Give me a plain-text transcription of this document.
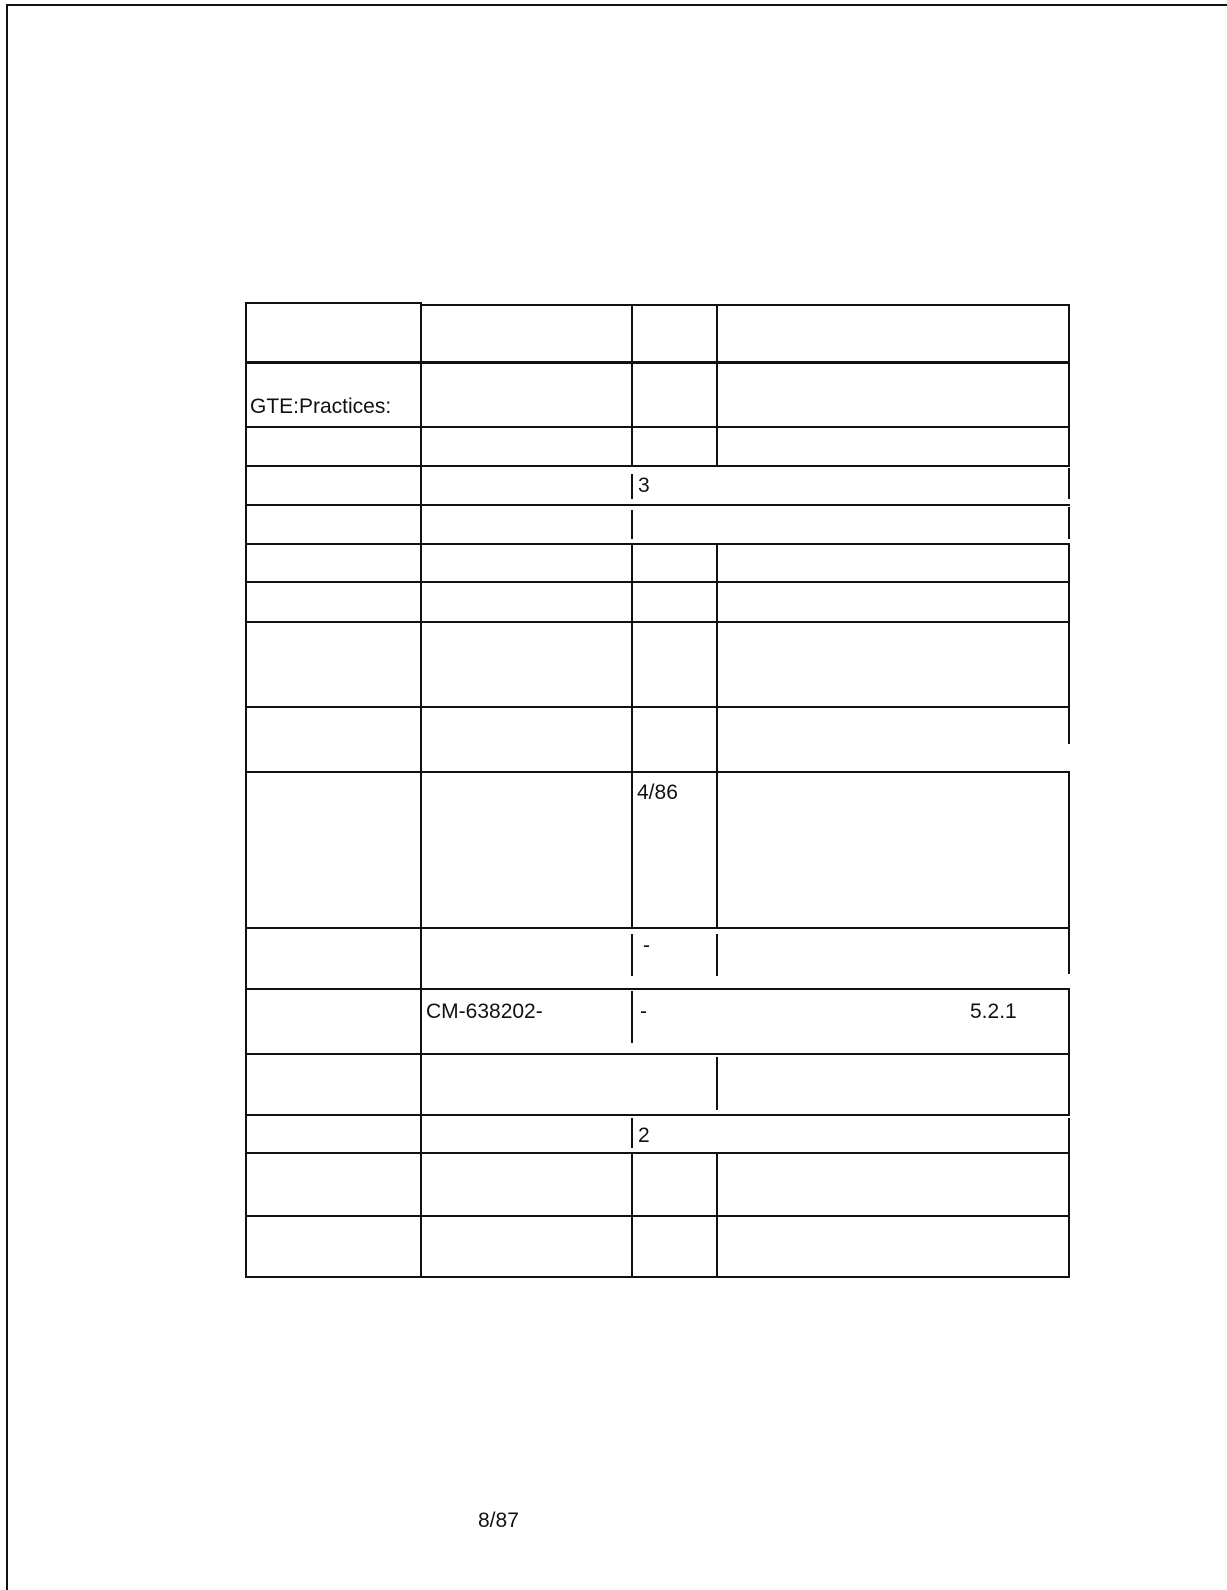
GTE:Practices:
3
4/86
-
CM-638202-	-	5.2.1
2
8/87
